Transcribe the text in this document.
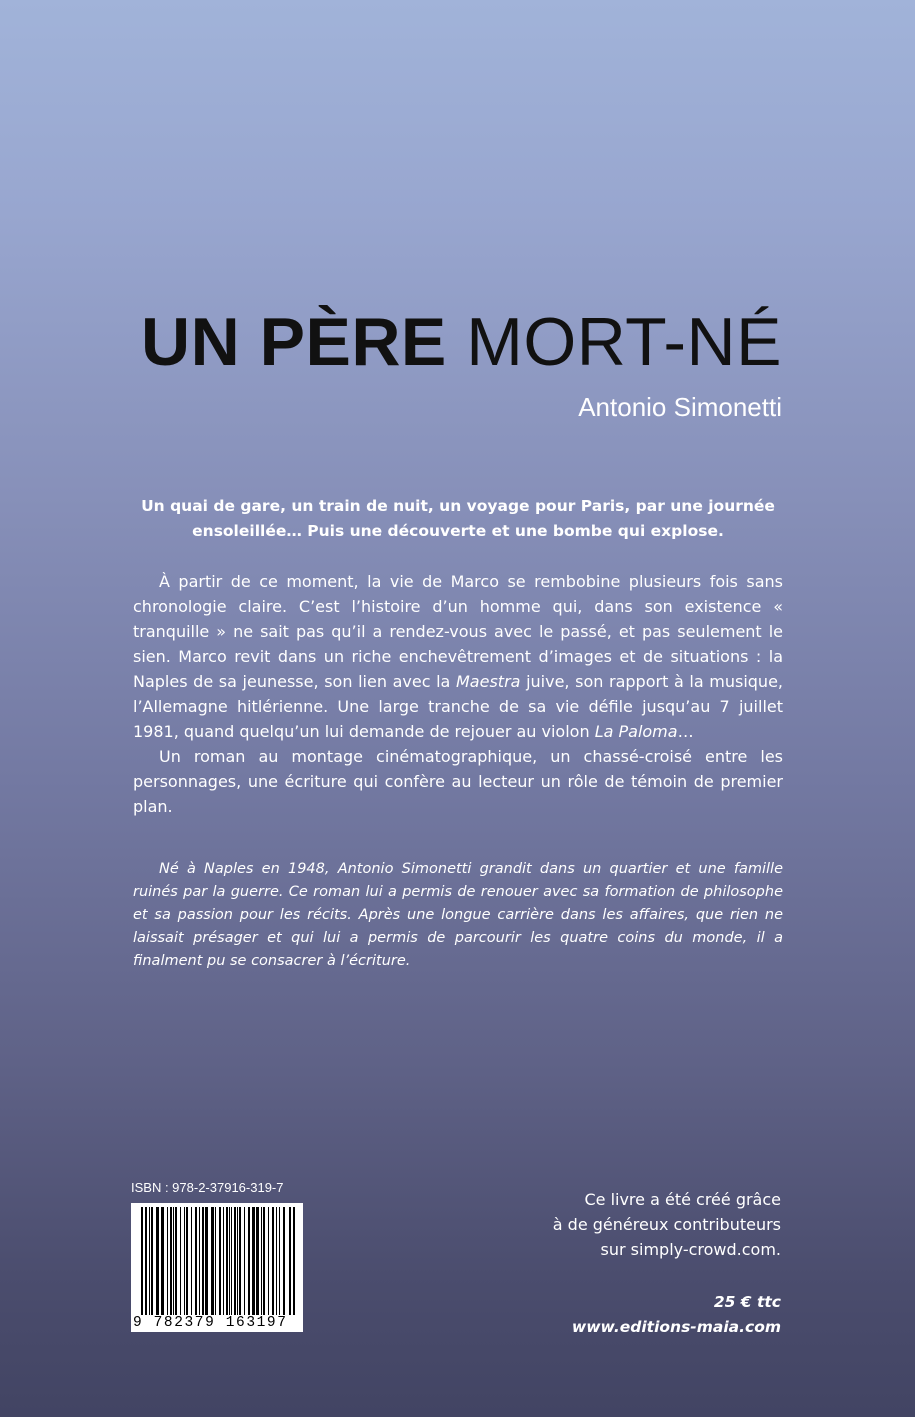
UN PÈRE MORT-NÉ
Antonio Simonetti
Un quai de gare, un train de nuit, un voyage pour Paris, par une journée ensoleillée… Puis une découverte et une bombe qui explose.

À partir de ce moment, la vie de Marco se rembobine plusieurs fois sans chronologie claire. C’est l’histoire d’un homme qui, dans son existence « tranquille » ne sait pas qu’il a rendez-vous avec le passé, et pas seulement le sien. Marco revit dans un riche enchevêtrement d’images et de situations : la Naples de sa jeunesse, son lien avec la Maestra juive, son rapport à la musique, l’Allemagne hitlérienne. Une large tranche de sa vie défile jusqu’au 7 juillet 1981, quand quelqu’un lui demande de rejouer au violon La Paloma…

Un roman au montage cinématographique, un chassé-croisé entre les personnages, une écriture qui confère au lecteur un rôle de témoin de premier plan.

Né à Naples en 1948, Antonio Simonetti grandit dans un quartier et une famille ruinés par la guerre. Ce roman lui a permis de renouer avec sa formation de philosophe et sa passion pour les récits. Après une longue carrière dans les affaires, que rien ne laissait présager et qui lui a permis de parcourir les quatre coins du monde, il a finalment pu se consacrer à l’écriture.

ISBN : 978-2-37916-319-7
9 782379 163197
Ce livre a été créé grâce
à de généreux contributeurs
sur simply-crowd.com.
25 € ttc
www.editions-maia.com
